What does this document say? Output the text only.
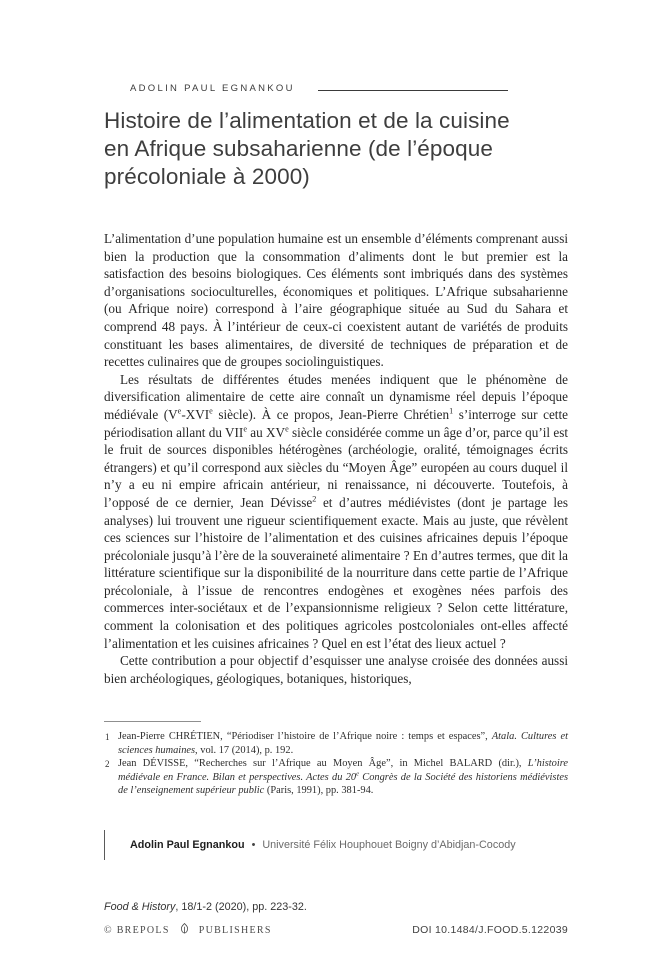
ADOLIN PAUL EGNANKOU
Histoire de l’alimentation et de la cuisine
en Afrique subsaharienne (de l’époque
précoloniale à 2000)

L’alimentation d’une population humaine est un ensemble d’éléments comprenant aussi bien la production que la consommation d’aliments dont le but premier est la satisfaction des besoins biologiques. Ces éléments sont imbriqués dans des systèmes d’organisations socioculturelles, économiques et politiques. L’Afrique subsaharienne (ou Afrique noire) correspond à l’aire géographique située au Sud du Sahara et comprend 48 pays. À l’intérieur de ceux-ci coexistent autant de variétés de produits constituant les bases alimentaires, de diversité de techniques de préparation et de recettes culinaires que de groupes sociolinguistiques.

Les résultats de différentes études menées indiquent que le phénomène de diversification alimentaire de cette aire connaît un dynamisme réel depuis l’époque médiévale (Ve-XVIe siècle). À ce propos, Jean-Pierre Chrétien$^1$ s’interroge sur cette périodisation allant du VIIe au XVe siècle considérée comme un âge d’or, parce qu’il est le fruit de sources disponibles hétérogènes (archéologie, oralité, témoignages écrits étrangers) et qu’il correspond aux siècles du “Moyen Âge” européen au cours duquel il n’y a eu ni empire africain antérieur, ni renaissance, ni découverte. Toutefois, à l’opposé de ce dernier, Jean Dévisse$^2$ et d’autres médiévistes (dont je partage les analyses) lui trouvent une rigueur scientifiquement exacte. Mais au juste, que révèlent ces sciences sur l’histoire de l’alimentation et des cuisines africaines depuis l’époque précoloniale jusqu’à l’ère de la souveraineté alimentaire ? En d’autres termes, que dit la littérature scientifique sur la disponibilité de la nourriture dans cette partie de l’Afrique précoloniale, à l’issue de rencontres endogènes et exogènes nées parfois des commerces inter-sociétaux et de l’expansionnisme religieux ? Selon cette littérature, comment la colonisation et des politiques agricoles postcoloniales ont-elles affecté l’alimentation et les cuisines africaines ? Quel en est l’état des lieux actuel ?

Cette contribution a pour objectif d’esquisser une analyse croisée des données aussi bien archéologiques, géologiques, botaniques, historiques,

1 Jean-Pierre CHRÉTIEN, “Périodiser l’histoire de l’Afrique noire : temps et espaces”, Atala. Cultures et sciences humaines, vol. 17 (2014), p. 192.
2 Jean DÉVISSE, “Recherches sur l’Afrique au Moyen Âge”, in Michel BALARD (dir.), L’histoire médiévale en France. Bilan et perspectives. Actes du 20e Congrès de la Société des historiens médiévistes de l’enseignement supérieur public (Paris, 1991), pp. 381-94.
Adolin Paul Egnankou • Université Félix Houphouet Boigny d’Abidjan-Cocody
Food & History, 18/1-2 (2020), pp. 223-32.
© BREPOLS	PUBLISHERS	DOI 10.1484/J.FOOD.5.122039
